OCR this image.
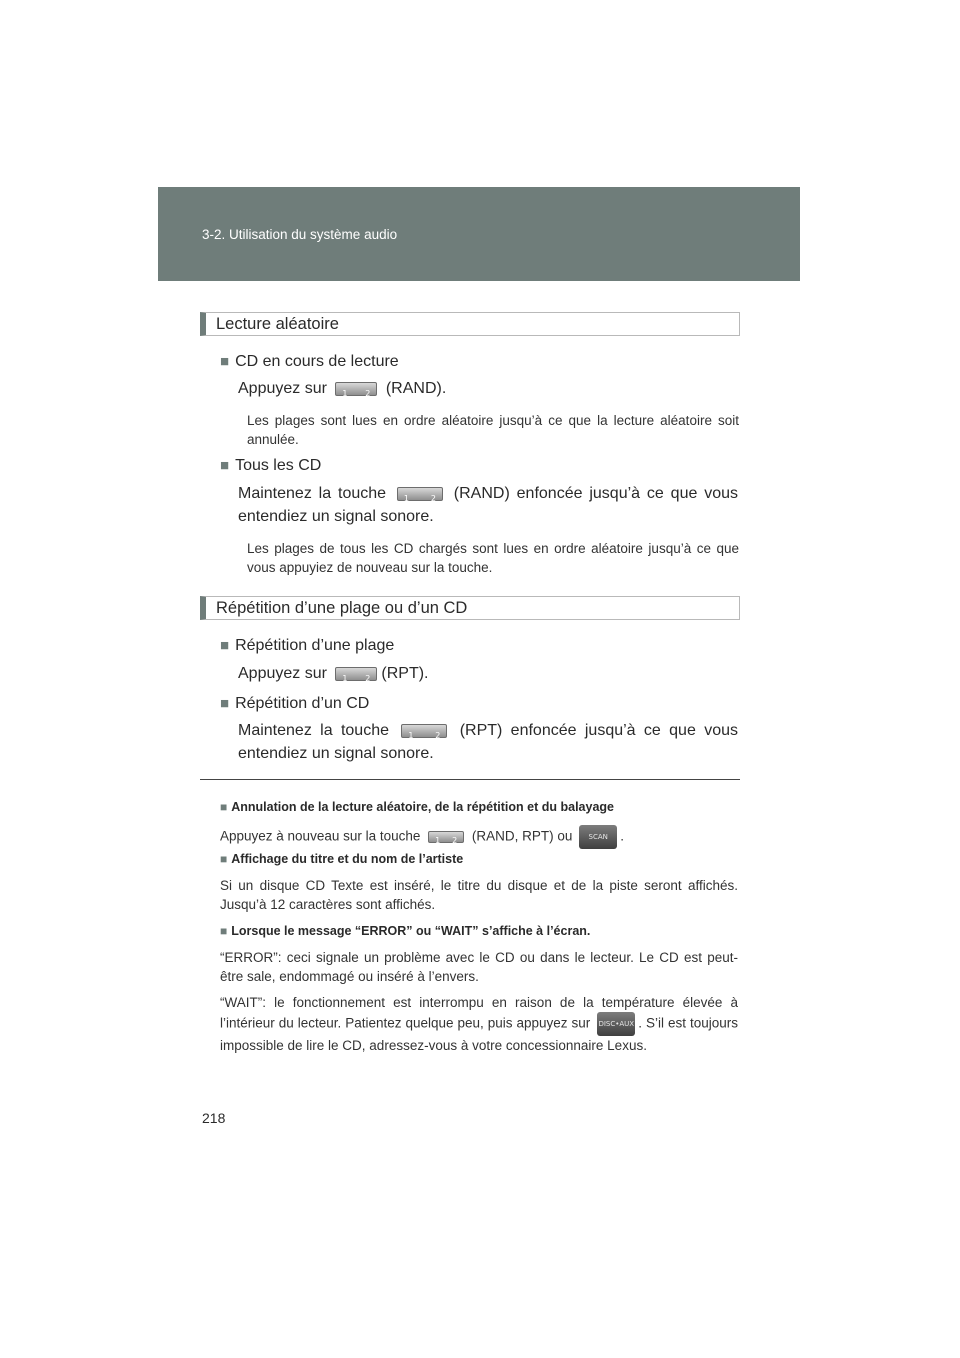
3-2. Utilisation du système audio
Lecture aléatoire
■ CD en cours de lecture
Appuyez sur 1 2	(RAND).
Les plages sont lues en ordre aléatoire jusqu’à ce que la lecture aléatoire soit annulée.
■ Tous les CD
Maintenez la touche 1 2	(RAND) enfoncée jusqu’à ce que vous entendiez un signal sonore.
Les plages de tous les CD chargés sont lues en ordre aléatoire jusqu’à ce que vous appuyiez de nouveau sur la touche.
Répétition d’une plage ou d’un CD
■ Répétition d’une plage
Appuyez sur 1 2	(RPT).
■ Répétition d’un CD
Maintenez la touche 1 2	(RPT) enfoncée jusqu’à ce que vous entendiez un signal sonore.
■ Annulation de la lecture aléatoire, de la répétition et du balayage
Appuyez à nouveau sur la touche 1 2	(RAND, RPT) ou SCAN .
■ Affichage du titre et du nom de l’artiste
Si un disque CD Texte est inséré, le titre du disque et de la piste seront affichés. Jusqu’à 12 caractères sont affichés.
■ Lorsque le message “ERROR” ou “WAIT” s’affiche à l’écran.
“ERROR”: ceci signale un problème avec le CD ou dans le lecteur. Le CD est peut-être sale, endommagé ou inséré à l’envers.
“WAIT”: le fonctionnement est interrompu en raison de la température élevée à l’intérieur du lecteur. Patientez quelque peu, puis appuyez sur DISC•AUX . S’il est toujours impossible de lire le CD, adressez-vous à votre concessionnaire Lexus.
218
